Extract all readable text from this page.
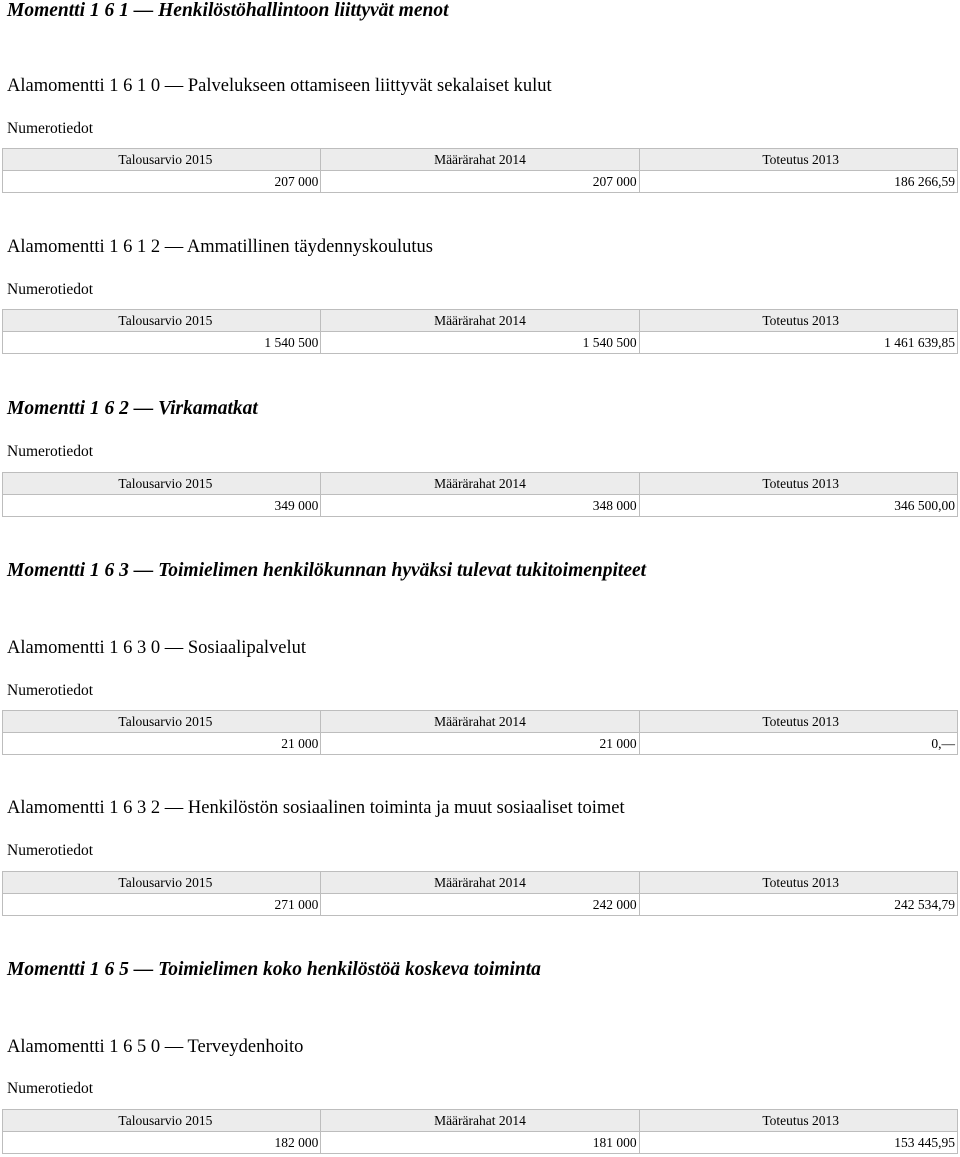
Momentti 1 6 1 — Henkilöstöhallintoon liittyvät menot
Alamomentti 1 6 1 0 — Palvelukseen ottamiseen liittyvät sekalaiset kulut
Numerotiedot
Talousarvio 2015	Määrärahat 2014	Toteutus 2013
207 000	207 000	186 266,59
Alamomentti 1 6 1 2 — Ammatillinen täydennyskoulutus
Numerotiedot
Talousarvio 2015	Määrärahat 2014	Toteutus 2013
1 540 500	1 540 500	1 461 639,85
Momentti 1 6 2 — Virkamatkat
Numerotiedot
Talousarvio 2015	Määrärahat 2014	Toteutus 2013
349 000	348 000	346 500,00
Momentti 1 6 3 — Toimielimen henkilökunnan hyväksi tulevat tukitoimenpiteet
Alamomentti 1 6 3 0 — Sosiaalipalvelut
Numerotiedot
Talousarvio 2015	Määrärahat 2014	Toteutus 2013
21 000	21 000	0,—
Alamomentti 1 6 3 2 — Henkilöstön sosiaalinen toiminta ja muut sosiaaliset toimet
Numerotiedot
Talousarvio 2015	Määrärahat 2014	Toteutus 2013
271 000	242 000	242 534,79
Momentti 1 6 5 — Toimielimen koko henkilöstöä koskeva toiminta
Alamomentti 1 6 5 0 — Terveydenhoito
Numerotiedot
Talousarvio 2015	Määrärahat 2014	Toteutus 2013
182 000	181 000	153 445,95
